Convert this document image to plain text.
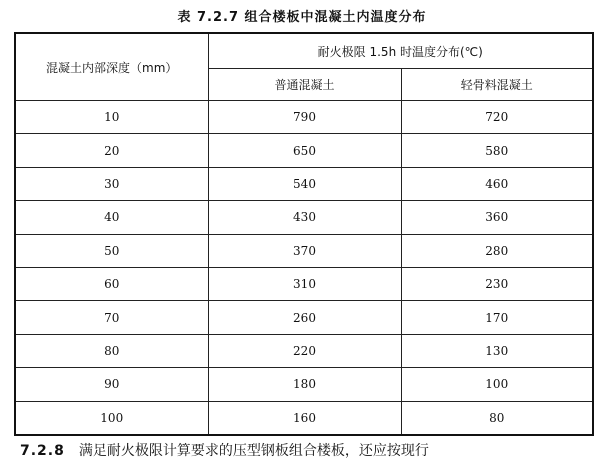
表 7.2.7 组合楼板中混凝土内温度分布
混凝土内部深度（mm）	耐火极限 1.5h 时温度分布(℃)	
	普通混凝土	轻骨料混凝土
10	790	720
20	650	580
30	540	460
40	430	360
50	370	280
60	310	230
70	260	170
80	220	130
90	180	100
100	160	80
7.2.8 满足耐火极限计算要求的压型钢板组合楼板，还应按现行
